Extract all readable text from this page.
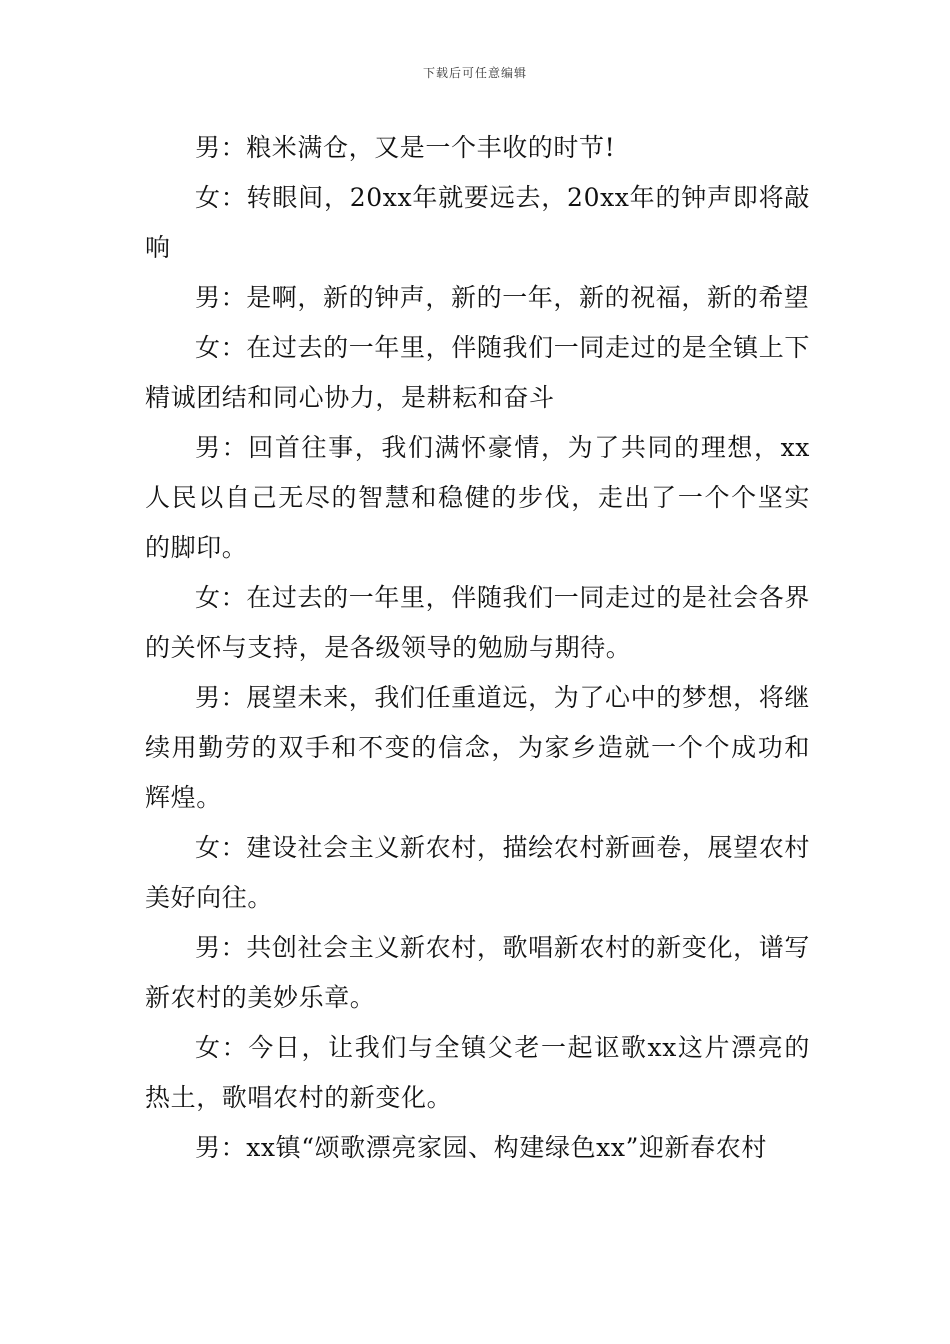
下载后可任意编辑

男：粮米满仓，又是一个丰收的时节!

女：转眼间，20xx年就要远去，20xx年的钟声即将敲响

男：是啊，新的钟声，新的一年，新的祝福，新的希望

女：在过去的一年里，伴随我们一同走过的是全镇上下精诚团结和同心协力，是耕耘和奋斗

男：回首往事，我们满怀豪情，为了共同的理想，xx人民以自己无尽的智慧和稳健的步伐，走出了一个个坚实的脚印。

女：在过去的一年里，伴随我们一同走过的是社会各界的关怀与支持，是各级领导的勉励与期待。

男：展望未来，我们任重道远，为了心中的梦想，将继续用勤劳的双手和不变的信念，为家乡造就一个个成功和辉煌。

女：建设社会主义新农村，描绘农村新画卷，展望农村美好向往。

男：共创社会主义新农村，歌唱新农村的新变化，谱写新农村的美妙乐章。

女：今日，让我们与全镇父老一起讴歌xx这片漂亮的热土，歌唱农村的新变化。

男：xx镇“颂歌漂亮家园、构建绿色xx”迎新春农村
